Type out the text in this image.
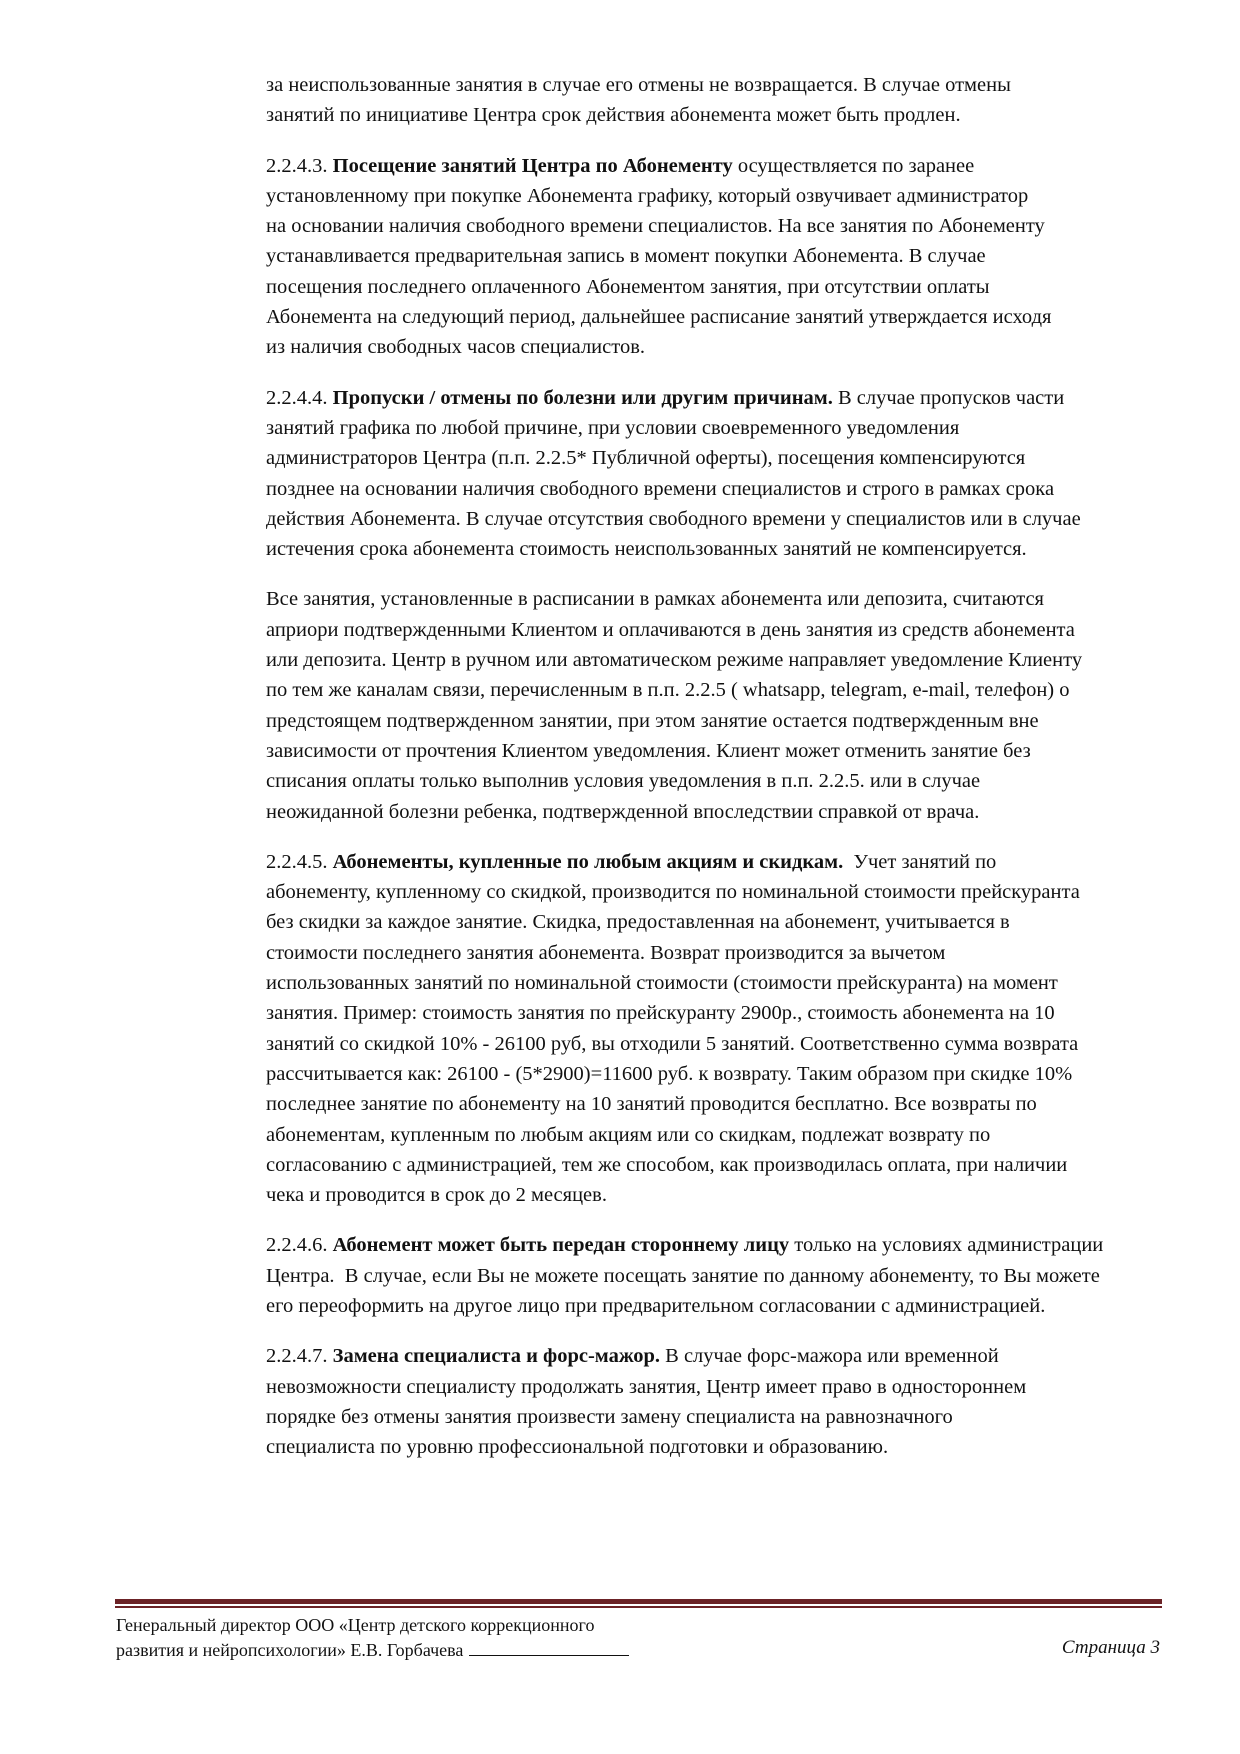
за неиспользованные занятия в случае его отмены не возвращается. В случае отмены
занятий по инициативе Центра срок действия абонемента может быть продлен.
2.2.4.3. Посещение занятий Центра по Абонементу осуществляется по заранее
установленному при покупке Абонемента графику, который озвучивает администратор
на основании наличия свободного времени специалистов. На все занятия по Абонементу
устанавливается предварительная запись в момент покупки Абонемента. В случае
посещения последнего оплаченного Абонементом занятия, при отсутствии оплаты
Абонемента на следующий период, дальнейшее расписание занятий утверждается исходя
из наличия свободных часов специалистов.
2.2.4.4. Пропуски / отмены по болезни или другим причинам. В случае пропусков части
занятий графика по любой причине, при условии своевременного уведомления
администраторов Центра (п.п. 2.2.5* Публичной оферты), посещения компенсируются
позднее на основании наличия свободного времени специалистов и строго в рамках срока
действия Абонемента. В случае отсутствия свободного времени у специалистов или в случае
истечения срока абонемента стоимость неиспользованных занятий не компенсируется.
Все занятия, установленные в расписании в рамках абонемента или депозита, считаются
априори подтвержденными Клиентом и оплачиваются в день занятия из средств абонемента
или депозита. Центр в ручном или автоматическом режиме направляет уведомление Клиенту
по тем же каналам связи, перечисленным в п.п. 2.2.5 ( whatsapp, telegram, e-mail, телефон) о
предстоящем подтвержденном занятии, при этом занятие остается подтвержденным вне
зависимости от прочтения Клиентом уведомления. Клиент может отменить занятие без
списания оплаты только выполнив условия уведомления в п.п. 2.2.5. или в случае
неожиданной болезни ребенка, подтвержденной впоследствии справкой от врача.
2.2.4.5. Абонементы, купленные по любым акциям и скидкам.  Учет занятий по
абонементу, купленному со скидкой, производится по номинальной стоимости прейскуранта
без скидки за каждое занятие. Скидка, предоставленная на абонемент, учитывается в
стоимости последнего занятия абонемента. Возврат производится за вычетом
использованных занятий по номинальной стоимости (стоимости прейскуранта) на момент
занятия. Пример: стоимость занятия по прейскуранту 2900р., стоимость абонемента на 10
занятий со скидкой 10% - 26100 руб, вы отходили 5 занятий. Соответственно сумма возврата
рассчитывается как: 26100 - (5*2900)=11600 руб. к возврату. Таким образом при скидке 10%
последнее занятие по абонементу на 10 занятий проводится бесплатно. Все возвраты по
абонементам, купленным по любым акциям или со скидкам, подлежат возврату по
согласованию с администрацией, тем же способом, как производилась оплата, при наличии
чека и проводится в срок до 2 месяцев.
2.2.4.6. Абонемент может быть передан стороннему лицу только на условиях администрации
Центра.  В случае, если Вы не можете посещать занятие по данному абонементу, то Вы можете
его переоформить на другое лицо при предварительном согласовании с администрацией.
2.2.4.7. Замена специалиста и форс-мажор. В случае форс-мажора или временной
невозможности специалисту продолжать занятия, Центр имеет право в одностороннем
порядке без отмены занятия произвести замену специалиста на равнозначного
специалиста по уровню профессиональной подготовки и образованию.
Генеральный директор ООО «Центр детского коррекционного
развития и нейропсихологии» Е.В. Горбачева	Страница 3
